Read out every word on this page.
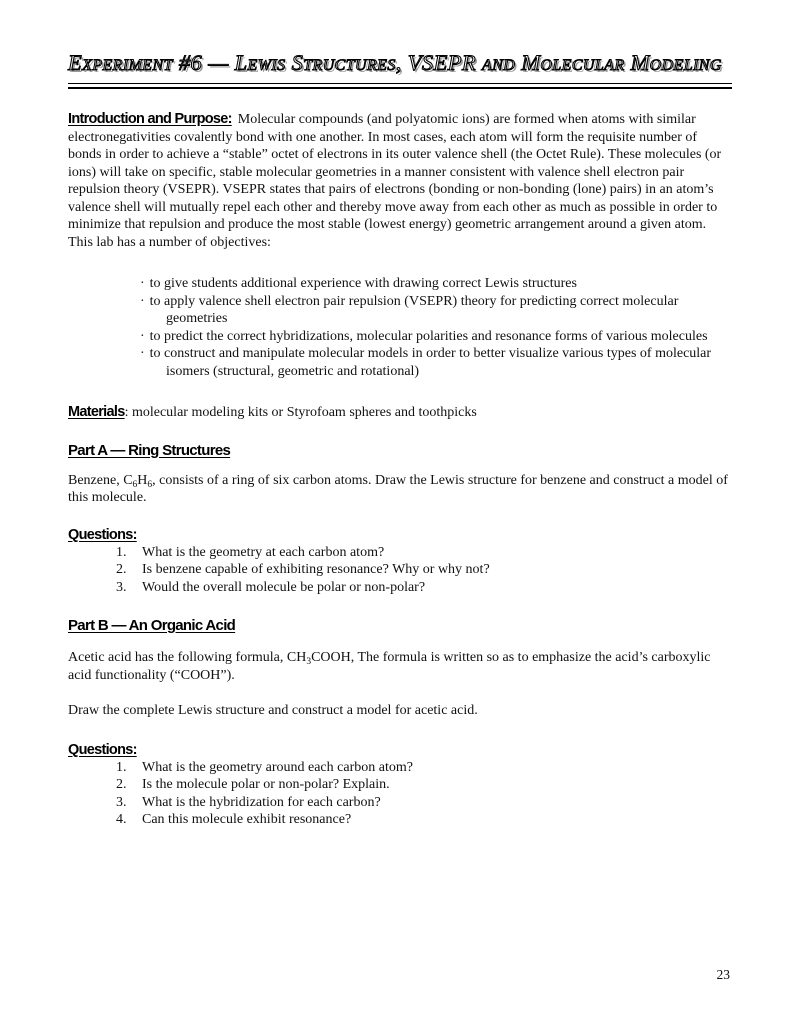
Experiment #6 — Lewis Structures, VSEPR and Molecular Modeling

Introduction and Purpose: Molecular compounds (and polyatomic ions) are formed when atoms with similar electronegativities covalently bond with one another. In most cases, each atom will form the requisite number of bonds in order to achieve a “stable” octet of electrons in its outer valence shell (the Octet Rule). These molecules (or ions) will take on specific, stable molecular geometries in a manner consistent with valence shell electron pair repulsion theory (VSEPR). VSEPR states that pairs of electrons (bonding or non-bonding (lone) pairs) in an atom’s valence shell will mutually repel each other and thereby move away from each other as much as possible in order to minimize that repulsion and produce the most stable (lowest energy) geometric arrangement around a given atom. This lab has a number of objectives:

· to give students additional experience with drawing correct Lewis structures
· to apply valence shell electron pair repulsion (VSEPR) theory for predicting correct molecular geometries
· to predict the correct hybridizations, molecular polarities and resonance forms of various molecules
· to construct and manipulate molecular models in order to better visualize various types of molecular isomers (structural, geometric and rotational)

Materials: molecular modeling kits or Styrofoam spheres and toothpicks

Part A — Ring Structures

Benzene, $C_6H_6$, consists of a ring of six carbon atoms. Draw the Lewis structure for benzene and construct a model of this molecule.

Questions:
1. What is the geometry at each carbon atom?
2. Is benzene capable of exhibiting resonance? Why or why not?
3. Would the overall molecule be polar or non-polar?
Part B — An Organic Acid

Acetic acid has the following formula, $CH_3COOH$, The formula is written so as to emphasize the acid’s carboxylic acid functionality (“COOH”).

Draw the complete Lewis structure and construct a model for acetic acid.

Questions:
1. What is the geometry around each carbon atom?
2. Is the molecule polar or non-polar? Explain.
3. What is the hybridization for each carbon?
4. Can this molecule exhibit resonance?
23
